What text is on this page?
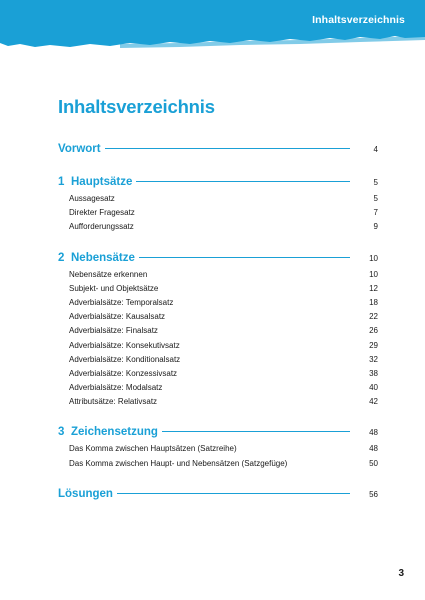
Inhaltsverzeichnis
Inhaltsverzeichnis
Vorwort	4
1 Hauptsätze	5
Aussagesatz	5
Direkter Fragesatz	7
Aufforderungssatz	9
2 Nebensätze	10
Nebensätze erkennen	10
Subjekt- und Objektsätze	12
Adverbialsätze: Temporalsatz	18
Adverbialsätze: Kausalsatz	22
Adverbialsätze: Finalsatz	26
Adverbialsätze: Konsekutivsatz	29
Adverbialsätze: Konditionalsatz	32
Adverbialsätze: Konzessivsatz	38
Adverbialsätze: Modalsatz	40
Attributsätze: Relativsatz	42
3 Zeichensetzung	48
Das Komma zwischen Hauptsätzen (Satzreihe)	48
Das Komma zwischen Haupt- und Nebensätzen (Satzgefüge)	50
Lösungen	56
3
